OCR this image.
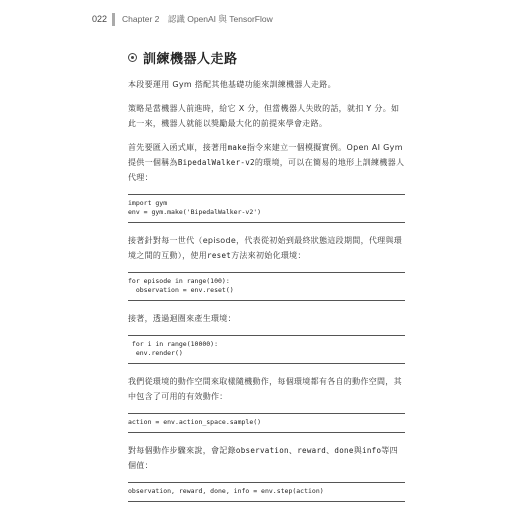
022 Chapter 2　認識 OpenAI 與 TensorFlow
訓練機器人走路

本段要運用 Gym 搭配其他基礎功能來訓練機器人走路。

策略是當機器人前進時，給它 X 分，但當機器人失敗的話，就扣 Y 分。如此一來，機器人就能以獎勵最大化的前提來學會走路。

首先要匯入函式庫，接著用make指令來建立一個模擬實例。Open AI Gym 提供一個稱為BipedalWalker-v2的環境，可以在簡易的地形上訓練機器人代理：

import gym
env = gym.make('BipedalWalker-v2')

接著針對每一世代（episode，代表從初始到最終狀態這段期間，代理與環境之間的互動），使用reset方法來初始化環境：

for episode in range(100):
observation = env.reset()

接著，透過迴圈來產生環境：

for i in range(10000):
env.render()

我們從環境的動作空間來取樣隨機動作，每個環境都有各自的動作空間，其中包含了可用的有效動作：

action = env.action_space.sample()

對每個動作步驟來說，會記錄observation、reward、done與info等四個值：

observation, reward, done, info = env.step(action)
